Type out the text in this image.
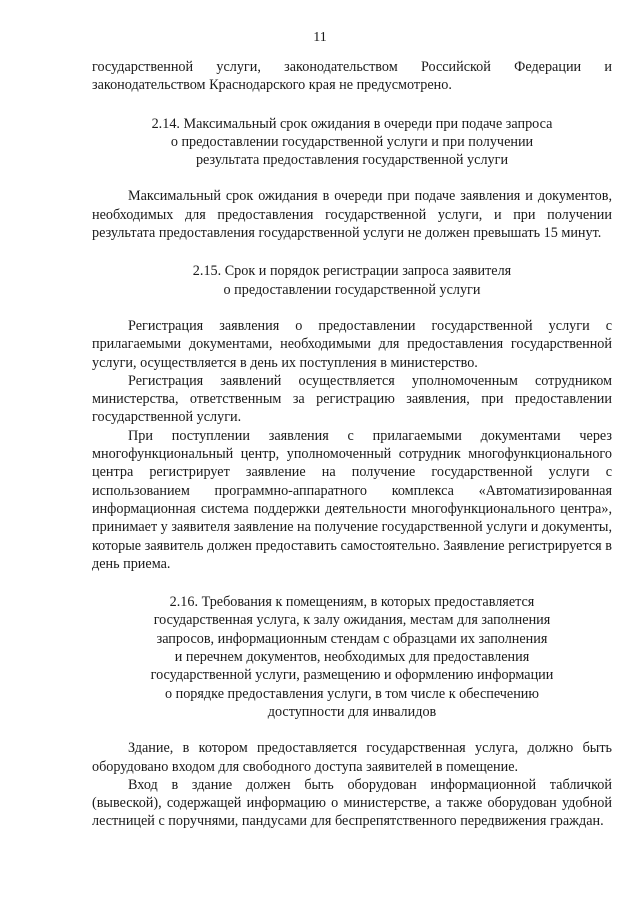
11

государственной услуги, законодательством Российской Федерации и законодательством Краснодарского края не предусмотрено.

2.14. Максимальный срок ожидания в очереди при подаче запроса
о предоставлении государственной услуги и при получении
результата предоставления государственной услуги

Максимальный срок ожидания в очереди при подаче заявления и документов, необходимых для предоставления государственной услуги, и при получении результата предоставления государственной услуги не должен превышать 15 минут.

2.15. Срок и порядок регистрации запроса заявителя
о предоставлении государственной услуги

Регистрация заявления о предоставлении государственной услуги с прилагаемыми документами, необходимыми для предоставления государственной услуги, осуществляется в день их поступления в министерство.

Регистрация заявлений осуществляется уполномоченным сотрудником министерства, ответственным за регистрацию заявления, при предоставлении государственной услуги.

При поступлении заявления с прилагаемыми документами через многофункциональный центр, уполномоченный сотрудник многофункционального центра регистрирует заявление на получение государственной услуги с использованием программно-аппаратного комплекса «Автоматизированная информационная система поддержки деятельности многофункционального центра», принимает у заявителя заявление на получение государственной услуги и документы, которые заявитель должен предоставить самостоятельно. Заявление регистрируется в день приема.

2.16. Требования к помещениям, в которых предоставляется
государственная услуга, к залу ожидания, местам для заполнения
запросов, информационным стендам с образцами их заполнения
и перечнем документов, необходимых для предоставления
государственной услуги, размещению и оформлению информации
о порядке предоставления услуги, в том числе к обеспечению
доступности для инвалидов

Здание, в котором предоставляется государственная услуга, должно быть оборудовано входом для свободного доступа заявителей в помещение.

Вход в здание должен быть оборудован информационной табличкой (вывеской), содержащей информацию о министерстве, а также оборудован удобной лестницей с поручнями, пандусами для беспрепятственного передвижения граждан.
